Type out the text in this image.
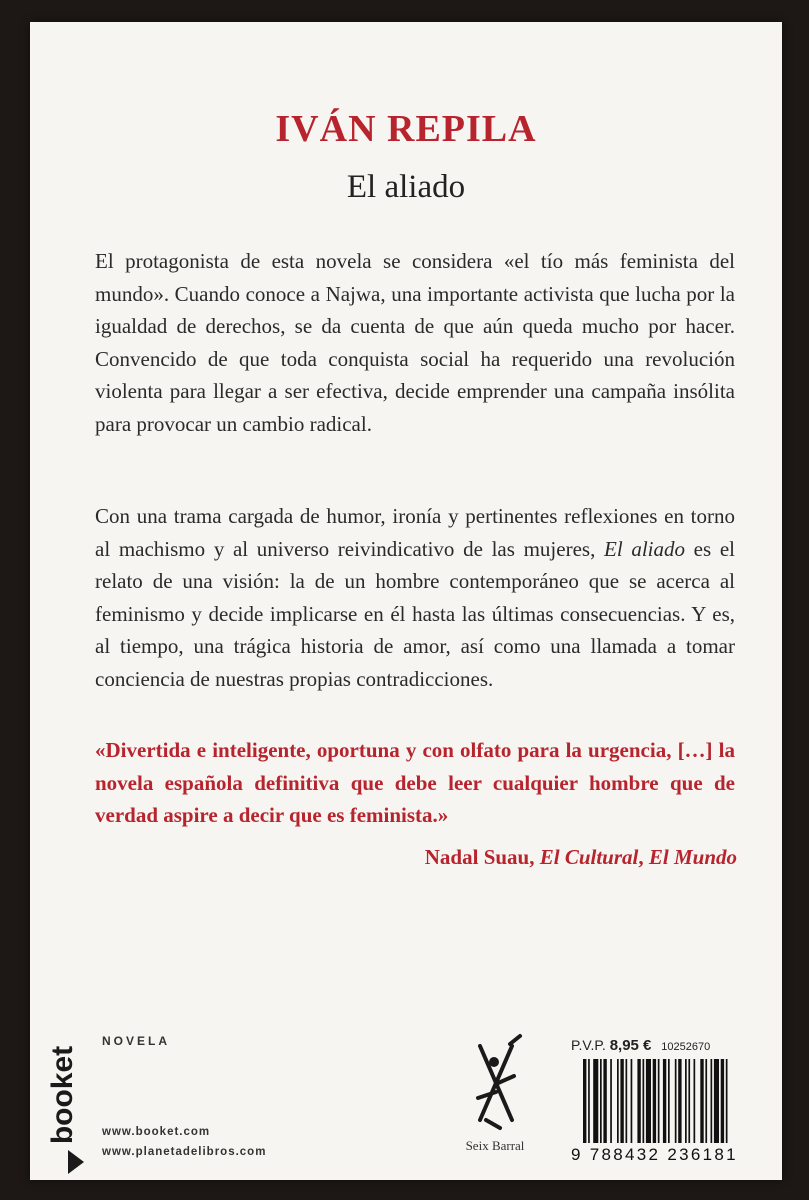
IVÁN REPILA
El aliado

El protagonista de esta novela se considera «el tío más feminista del mundo». Cuando conoce a Najwa, una importante activista que lucha por la igualdad de derechos, se da cuenta de que aún queda mucho por hacer. Convencido de que toda conquista social ha requerido una revolución violenta para llegar a ser efectiva, decide emprender una campaña insólita para provocar un cambio radical.

Con una trama cargada de humor, ironía y pertinentes reflexiones en torno al machismo y al universo reivindicativo de las mujeres, El aliado es el relato de una visión: la de un hombre contemporáneo que se acerca al feminismo y decide implicarse en él hasta las últimas consecuencias. Y es, al tiempo, una trágica historia de amor, así como una llamada a tomar conciencia de nuestras propias contradicciones.

«Divertida e inteligente, oportuna y con olfato para la urgencia, […] la novela española definitiva que debe leer cualquier hombre que de verdad aspire a decir que es feminista.»

Nadal Suau, El Cultural, El Mundo
booket
NOVELA
www.booket.com
www.planetadelibros.com	Seix Barral
P.V.P. 8,95 € 10252670
9 788432 236181
